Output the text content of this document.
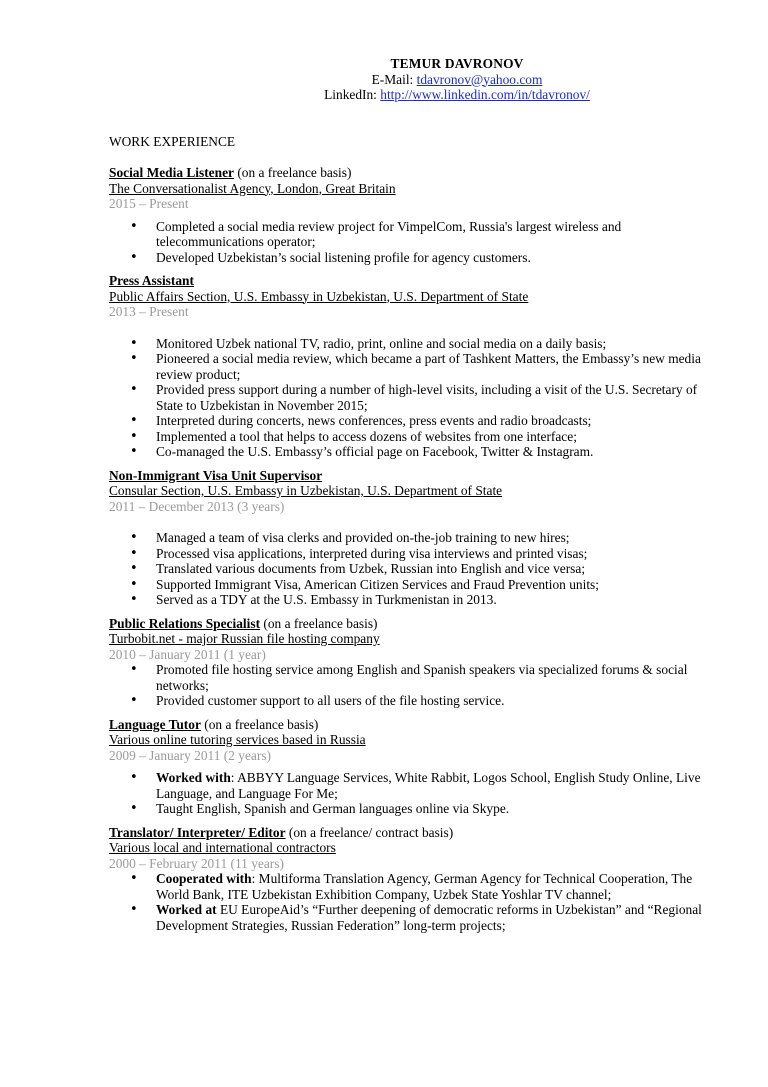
TEMUR DAVRONOV
E-Mail: tdavronov@yahoo.com
LinkedIn: http://www.linkedin.com/in/tdavronov/
WORK EXPERIENCE
Social Media Listener (on a freelance basis)
The Conversationalist Agency, London, Great Britain
2015 – Present
• Completed a social media review project for VimpelCom, Russia's largest wireless and telecommunications operator;
• Developed Uzbekistan’s social listening profile for agency customers.
Press Assistant
Public Affairs Section, U.S. Embassy in Uzbekistan, U.S. Department of State
2013 – Present
• Monitored Uzbek national TV, radio, print, online and social media on a daily basis;
• Pioneered a social media review, which became a part of Tashkent Matters, the Embassy’s new media review product;
• Provided press support during a number of high-level visits, including a visit of the U.S. Secretary of State to Uzbekistan in November 2015;
• Interpreted during concerts, news conferences, press events and radio broadcasts;
• Implemented a tool that helps to access dozens of websites from one interface;
• Co-managed the U.S. Embassy’s official page on Facebook, Twitter & Instagram.
Non-Immigrant Visa Unit Supervisor
Consular Section, U.S. Embassy in Uzbekistan, U.S. Department of State
2011 – December 2013 (3 years)
• Managed a team of visa clerks and provided on-the-job training to new hires;
• Processed visa applications, interpreted during visa interviews and printed visas;
• Translated various documents from Uzbek, Russian into English and vice versa;
• Supported Immigrant Visa, American Citizen Services and Fraud Prevention units;
• Served as a TDY at the U.S. Embassy in Turkmenistan in 2013.
Public Relations Specialist (on a freelance basis)
Turbobit.net - major Russian file hosting company
2010 – January 2011 (1 year)
• Promoted file hosting service among English and Spanish speakers via specialized forums & social networks;
• Provided customer support to all users of the file hosting service.
Language Tutor (on a freelance basis)
Various online tutoring services based in Russia
2009 – January 2011 (2 years)
• Worked with: ABBYY Language Services, White Rabbit, Logos School, English Study Online, Live Language, and Language For Me;
• Taught English, Spanish and German languages online via Skype.
Translator/ Interpreter/ Editor (on a freelance/ contract basis)
Various local and international contractors
2000 – February 2011 (11 years)
• Cooperated with: Multiforma Translation Agency, German Agency for Technical Cooperation, The World Bank, ITE Uzbekistan Exhibition Company, Uzbek State Yoshlar TV channel;
• Worked at EU EuropeAid’s “Further deepening of democratic reforms in Uzbekistan” and “Regional Development Strategies, Russian Federation” long-term projects;
